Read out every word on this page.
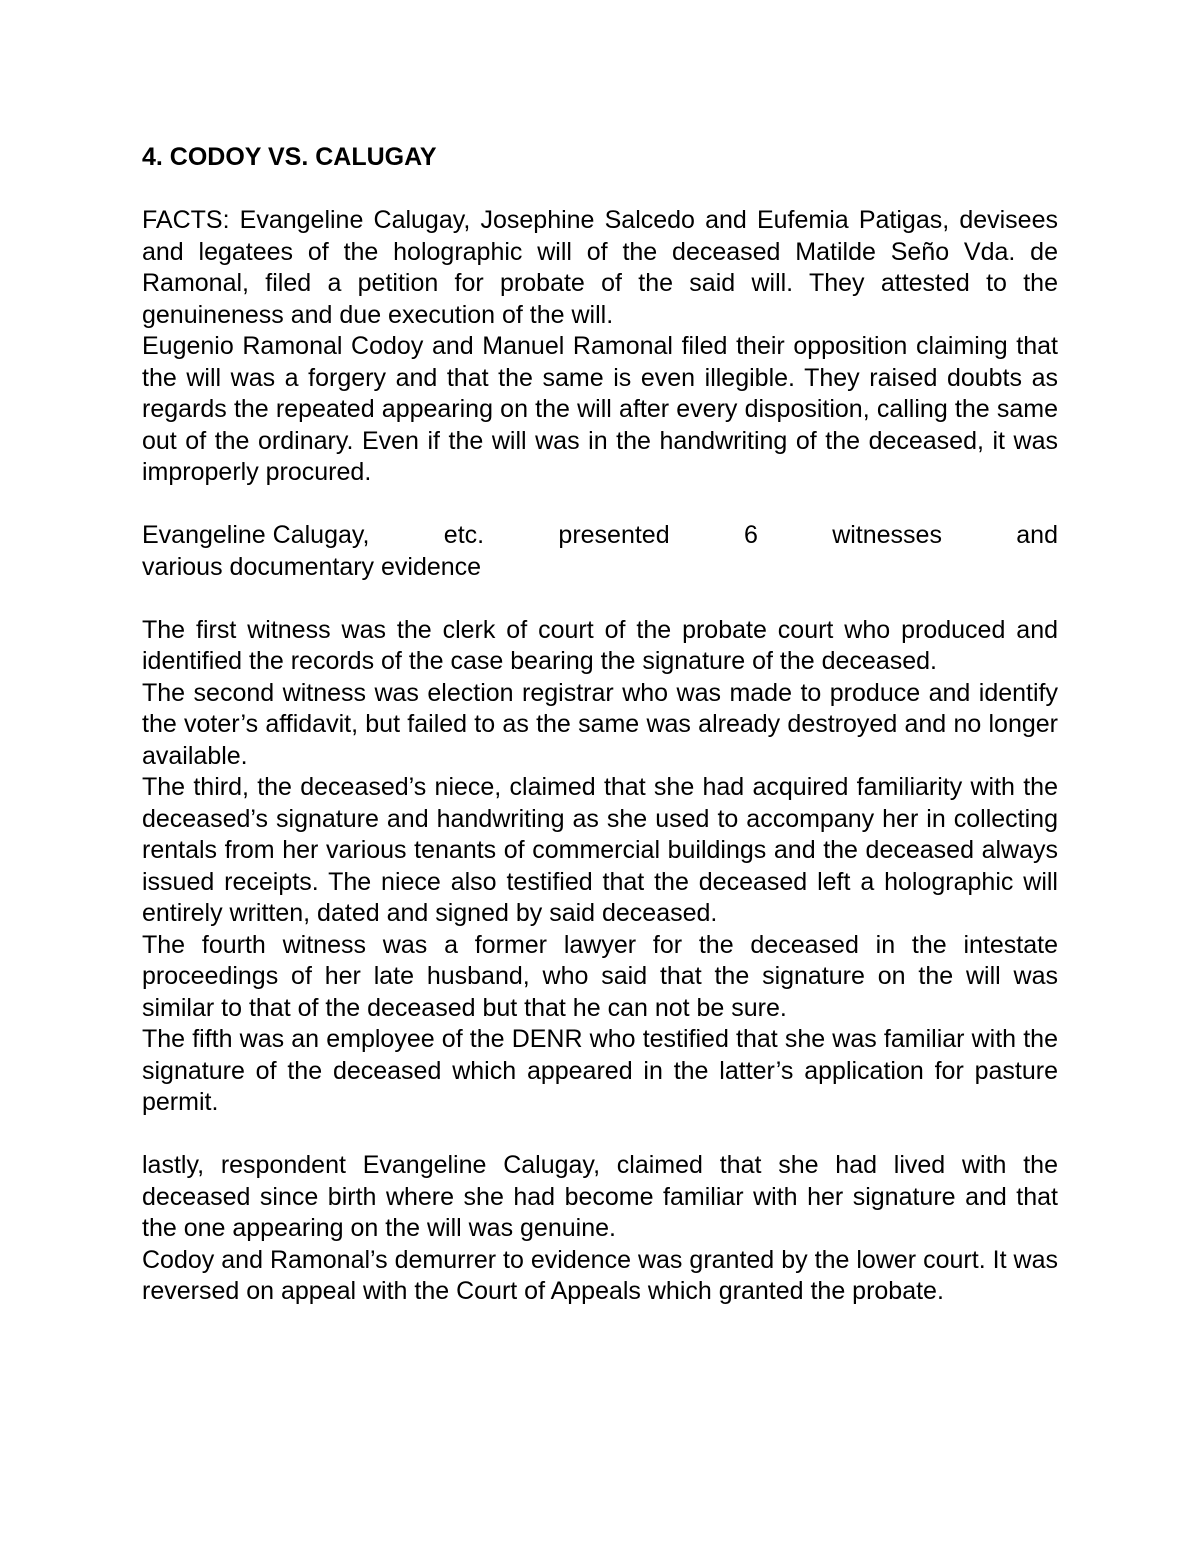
4. CODOY VS. CALUGAY

FACTS: Evangeline Calugay, Josephine Salcedo and Eufemia Patigas, devisees and legatees of the holographic will of the deceased Matilde Seño Vda. de Ramonal, filed a petition for probate of the said will. They attested to the genuineness and due execution of the will.

Eugenio Ramonal Codoy and Manuel Ramonal filed their opposition claiming that the will was a forgery and that the same is even illegible. They raised doubts as regards the repeated appearing on the will after every disposition, calling the same out of the ordinary. Even if the will was in the handwriting of the deceased, it was improperly procured.

Evangeline Calugay,	etc.	presented	6	witnesses	and

various documentary evidence

The first witness was the clerk of court of the probate court who produced and identified the records of the case bearing the signature of the deceased.

The second witness was election registrar who was made to produce and identify the voter’s affidavit, but failed to as the same was already destroyed and no longer available.

The third, the deceased’s niece, claimed that she had acquired familiarity with the deceased’s signature and handwriting as she used to accompany her in collecting rentals from her various tenants of commercial buildings and the deceased always issued receipts. The niece also testified that the deceased left a holographic will entirely written, dated and signed by said deceased.

The fourth witness was a former lawyer for the deceased in the intestate proceedings of her late husband, who said that the signature on the will was similar to that of the deceased but that he can not be sure.

The fifth was an employee of the DENR who testified that she was familiar with the signature of the deceased which appeared in the latter’s application for pasture permit.

lastly, respondent Evangeline Calugay, claimed that she had lived with the deceased since birth where she had become familiar with her signature and that the one appearing on the will was genuine.

Codoy and Ramonal’s demurrer to evidence was granted by the lower court. It was reversed on appeal with the Court of Appeals which granted the probate.
